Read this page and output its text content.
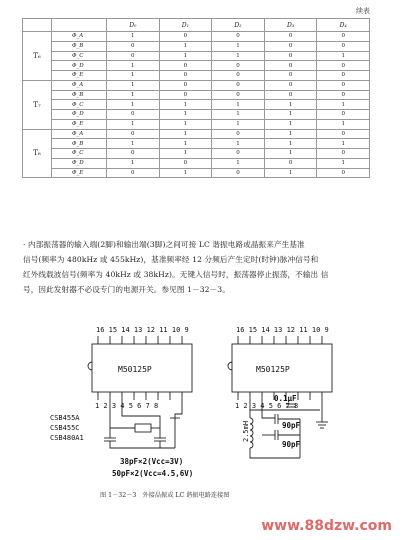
续表
		D₀	D₁	D₂	D₃	D₄
T₆	Φ_A	1	0	0	0	0
	Φ_B	0	1	1	0	0
	Φ_C	0	1	1	0	1
	Φ_D	1	0	0	0	0
	Φ_E	1	0	0	0	0
T₇	Φ_A	1	0	0	0	0
	Φ_B	1	0	0	0	0
	Φ_C	1	1	1	1	1
	Φ_D	0	1	1	1	0
	Φ_E	1	1	1	1	1
T₈	Φ_A	0	1	0	1	0
	Φ_B	1	1	1	1	1
	Φ_C	0	1	0	1	0
	Φ_D	1	0	1	0	1
	Φ_E	0	1	0	1	0

· 内部振荡器的输入端(2脚)和输出端(3脚)之间可接 LC 谐振电路或晶振来产生基准

信号(频率为 480kHz 或 455kHz)，基准频率经 12 分频后产生定时(时钟)脉冲信号和

红外线载波信号(频率为 40kHz 或 38kHz)。无键入信号时，振荡器停止振荡，不输出 信

号，因此发射器不必设专门的电源开关。参见图 1－32－3。

16 15 14 13 12 11 10 9
M50125P
1 2 3 4 5 6 7 8
CSB455A
CSB455C
CSB480A1
38pF×2(Vcc=3V)
50pF×2(Vcc=4.5,6V)
16 15 14 13 12 11 10 9
M50125P
1 2 3 4 5 6 7 8
0.1μF
2.5mH	90pF
90pF
图 1－32－3　外接晶振或 LC 谐振电路连接图
www.88dzw.com
